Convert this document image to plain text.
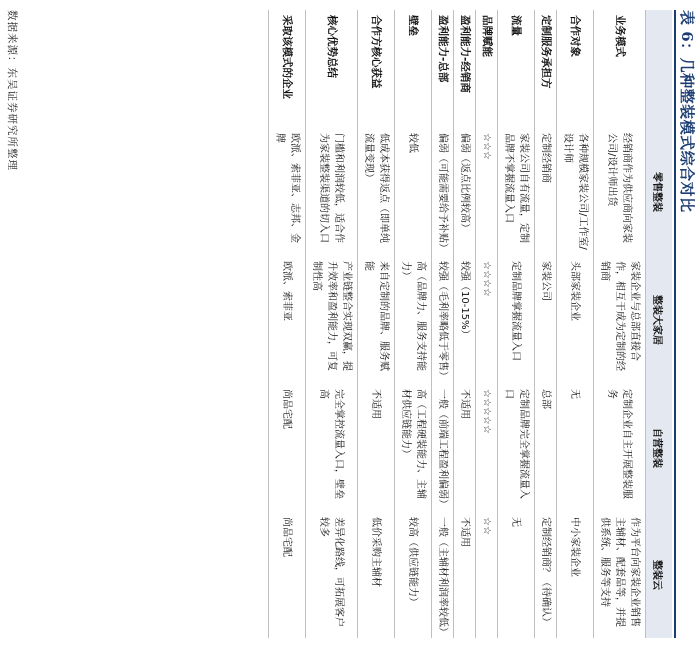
表 6：几种整装模式综合对比
	零售整装	整装大家居	自营整装	整装云
业务模式	经销商作为供应商向家装公司/设计师出货	家装企业与总部直接合作，相互干成为定制的经销商	定制企业自主开展整装服务	作为平台向家装企业销售主辅材、配套品等，并提供系统、服务等支持
合作对象	各种规模家装公司/工作室/设计师	头部家装企业	无	中小家装企业
定制服务承担方	定制经销商	家装公司	总部	定制经销商？（待确认）
流量	家装公司自有流量，定制品牌不掌握流量入口	定制品牌掌握流量入口	定制品牌完全掌握流量入口	无
品牌赋能	☆☆☆	☆☆☆☆	☆☆☆☆☆	☆☆
盈利能力-经销商	偏弱（返点比例较高）	较强（10-15%）	不适用	不适用
盈利能力-总部	偏弱（可能需要给予补贴）	较强（毛利率略低于零售）	一般（前端工程盈利偏弱）	一般（主辅材利润率较低）
壁垒	较低	高（品牌力、服务支持能力）	高（工程硬装能力、主辅材供应链能力）	较高（供应链能力）
合作方核心获益	低成本获得返点（即单纯流量变现）	来自定制的品牌、服务赋能	不适用	低价采购主辅材
核心优势总结	门槛和利润较低，适合作为家装整装渠道的切入口	产业链整合实现双赢，提升效率和盈利能力，可复制性高	完全掌控流量入口，壁垒高	差异化路线，可拓展客户较多
采取该模式的企业	欧派、索菲亚、志邦、金牌	欧派、索菲亚	尚品宅配	尚品宅配
数据来源：东吴证券研究所整理
